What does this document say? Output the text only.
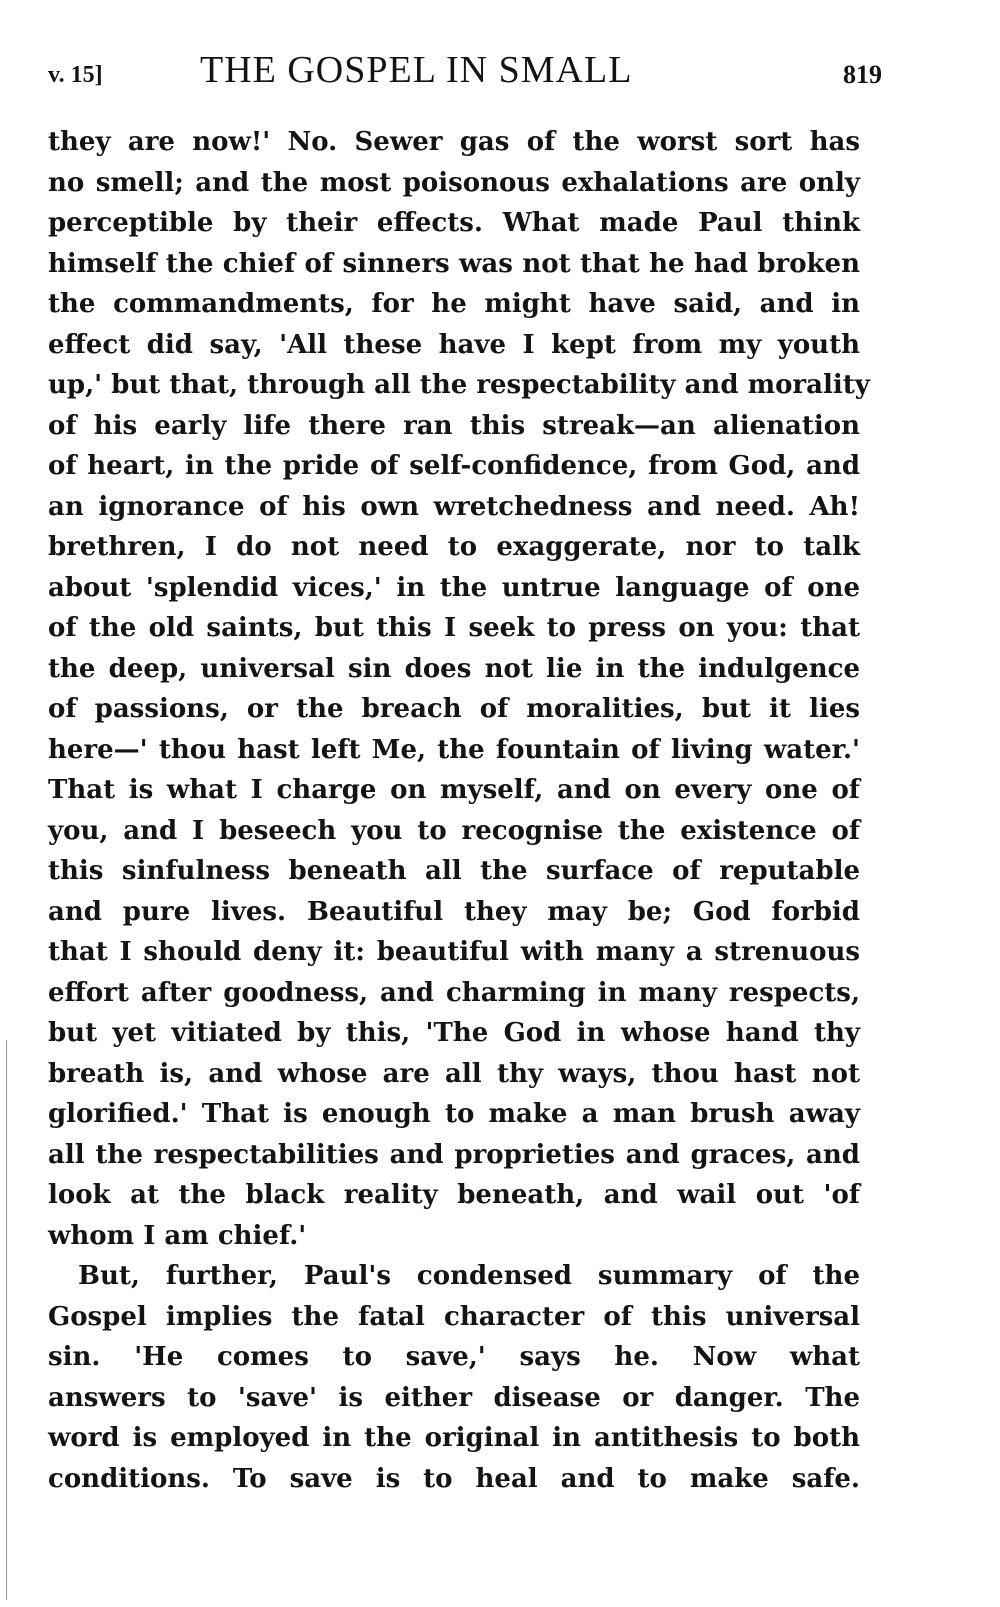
v. 15]	THE GOSPEL IN SMALL	819
they are now!' No. Sewer gas of the worst sort has
no smell; and the most poisonous exhalations are only
perceptible by their effects. What made Paul think
himself the chief of sinners was not that he had broken
the commandments, for he might have said, and in
effect did say, 'All these have I kept from my youth
up,' but that, through all the respectability and morality
of his early life there ran this streak—an alienation
of heart, in the pride of self-confidence, from God, and
an ignorance of his own wretchedness and need. Ah!
brethren, I do not need to exaggerate, nor to talk
about 'splendid vices,' in the untrue language of one
of the old saints, but this I seek to press on you: that
the deep, universal sin does not lie in the indulgence
of passions, or the breach of moralities, but it lies
here—' thou hast left Me, the fountain of living water.'
That is what I charge on myself, and on every one of
you, and I beseech you to recognise the existence of
this sinfulness beneath all the surface of reputable
and pure lives. Beautiful they may be; God forbid
that I should deny it: beautiful with many a strenuous
effort after goodness, and charming in many respects,
but yet vitiated by this, 'The God in whose hand thy
breath is, and whose are all thy ways, thou hast not
glorified.' That is enough to make a man brush away
all the respectabilities and proprieties and graces, and
look at the black reality beneath, and wail out 'of
whom I am chief.'
But, further, Paul's condensed summary of the
Gospel implies the fatal character of this universal
sin. 'He comes to save,' says he. Now what
answers to 'save' is either disease or danger. The
word is employed in the original in antithesis to both
conditions. To save is to heal and to make safe.
